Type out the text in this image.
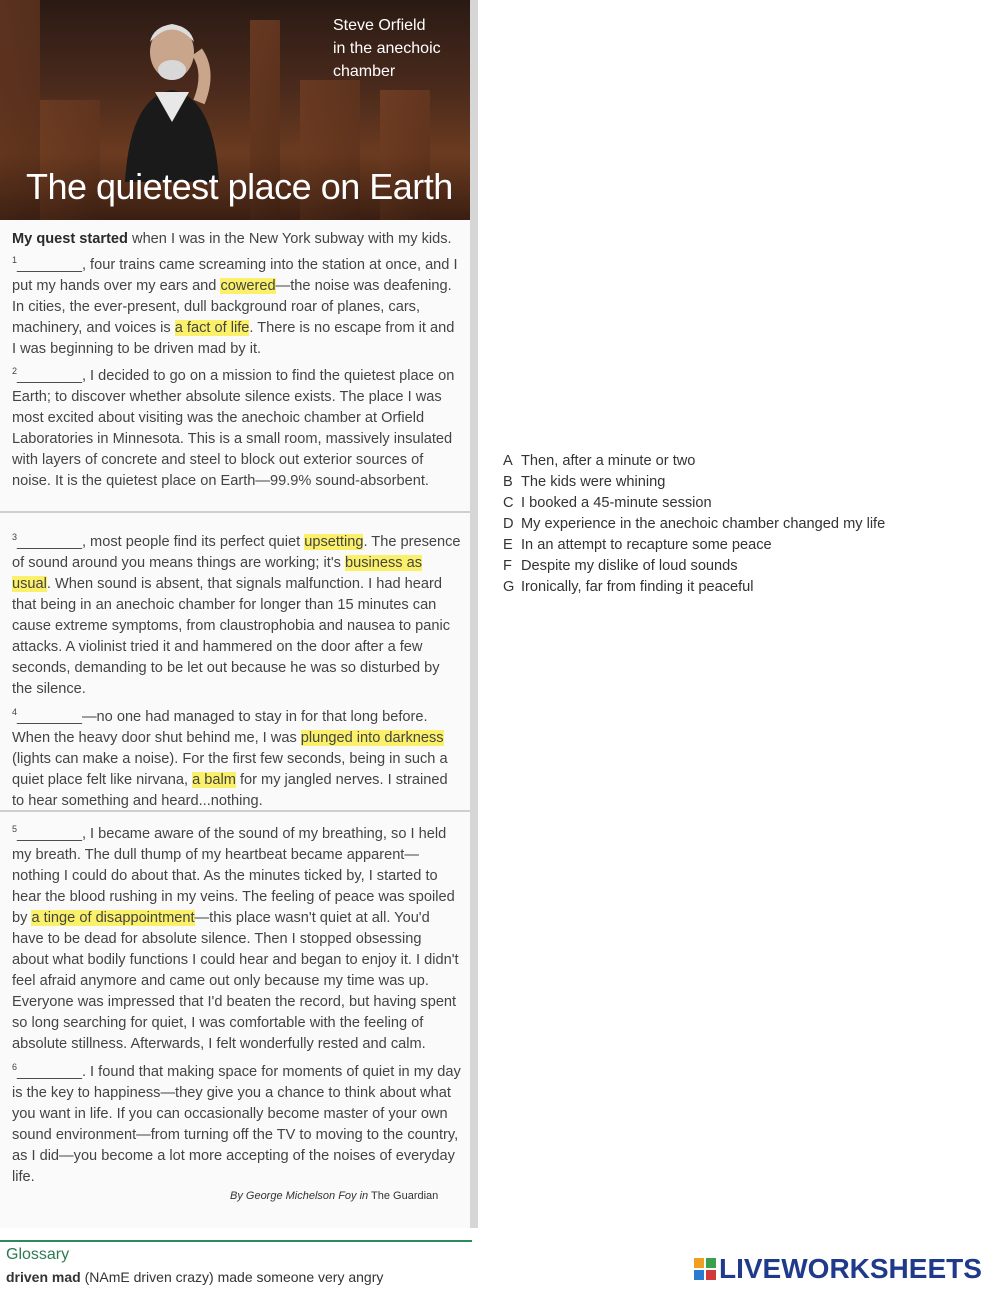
Steve Orfield
in the anechoic
chamber
The quietest place on Earth

My quest started when I was in the New York subway with my kids. $^1$________, four trains came screaming into the station at once, and I put my hands over my ears and cowered—the noise was deafening. In cities, the ever-present, dull background roar of planes, cars, machinery, and voices is a fact of life. There is no escape from it and I was beginning to be driven mad by it.

$^2$________, I decided to go on a mission to find the quietest place on Earth; to discover whether absolute silence exists. The place I was most excited about visiting was the anechoic chamber at Orfield Laboratories in Minnesota. This is a small room, massively insulated with layers of concrete and steel to block out exterior sources of noise. It is the quietest place on Earth—99.9% sound-absorbent.

$^3$________, most people find its perfect quiet upsetting. The presence of sound around you means things are working; it's business as usual. When sound is absent, that signals malfunction. I had heard that being in an anechoic chamber for longer than 15 minutes can cause extreme symptoms, from claustrophobia and nausea to panic attacks. A violinist tried it and hammered on the door after a few seconds, demanding to be let out because he was so disturbed by the silence.

$^4$________—no one had managed to stay in for that long before. When the heavy door shut behind me, I was plunged into darkness (lights can make a noise). For the first few seconds, being in such a quiet place felt like nirvana, a balm for my jangled nerves. I strained to hear something and heard...nothing.

$^5$________, I became aware of the sound of my breathing, so I held my breath. The dull thump of my heartbeat became apparent—nothing I could do about that. As the minutes ticked by, I started to hear the blood rushing in my veins. The feeling of peace was spoiled by a tinge of disappointment—this place wasn't quiet at all. You'd have to be dead for absolute silence. Then I stopped obsessing about what bodily functions I could hear and began to enjoy it. I didn't feel afraid anymore and came out only because my time was up. Everyone was impressed that I'd beaten the record, but having spent so long searching for quiet, I was comfortable with the feeling of absolute stillness. Afterwards, I felt wonderfully rested and calm.

$^6$________. I found that making space for moments of quiet in my day is the key to happiness—they give you a chance to think about what you want in life. If you can occasionally become master of your own sound environment—from turning off the TV to moving to the country, as I did—you become a lot more accepting of the noises of everyday life.

By George Michelson Foy in The Guardian
A Then, after a minute or two
B The kids were whining
C I booked a 45-minute session
D My experience in the anechoic chamber changed my life
E In an attempt to recapture some peace
F Despite my dislike of loud sounds
G Ironically, far from finding it peaceful
Glossary
driven mad (NAmE driven crazy) made someone very angry	LIVEWORKSHEETS
